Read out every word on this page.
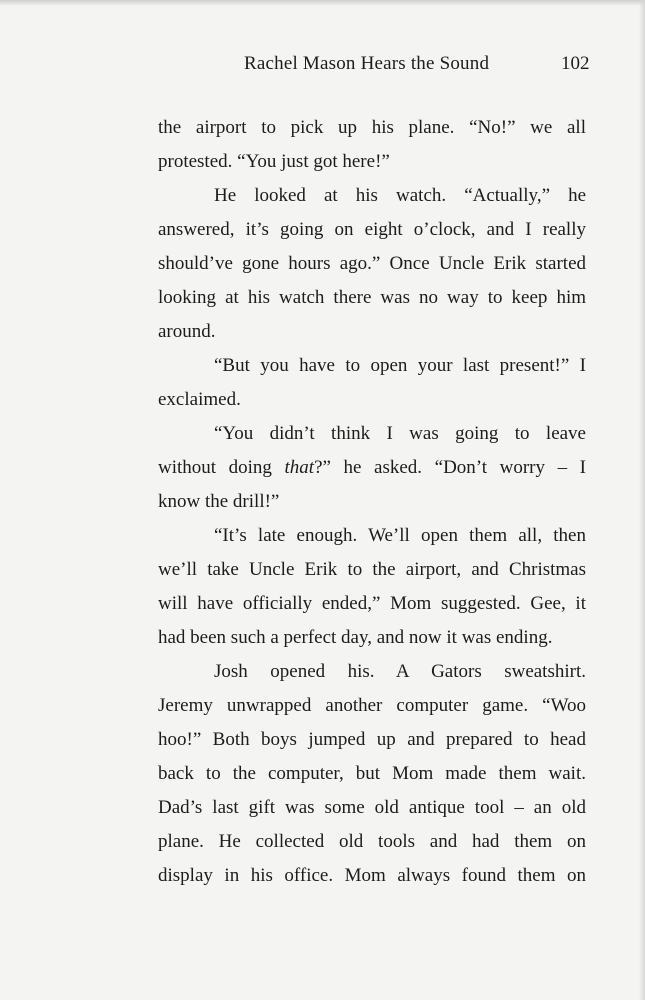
Rachel Mason Hears the Sound	102
the airport to pick up his plane. “No!” we all
protested. “You just got here!”
He looked at his watch. “Actually,” he
answered, it’s going on eight o’clock, and I really
should’ve gone hours ago.” Once Uncle Erik started
looking at his watch there was no way to keep him
around.
“But you have to open your last present!” I
exclaimed.
“You didn’t think I was going to leave
without doing that?” he asked. “Don’t worry – I
know the drill!”
“It’s late enough. We’ll open them all, then
we’ll take Uncle Erik to the airport, and Christmas
will have officially ended,” Mom suggested. Gee, it
had been such a perfect day, and now it was ending.
Josh opened his. A Gators sweatshirt.
Jeremy unwrapped another computer game. “Woo
hoo!” Both boys jumped up and prepared to head
back to the computer, but Mom made them wait.
Dad’s last gift was some old antique tool – an old
plane. He collected old tools and had them on
display in his office. Mom always found them on
